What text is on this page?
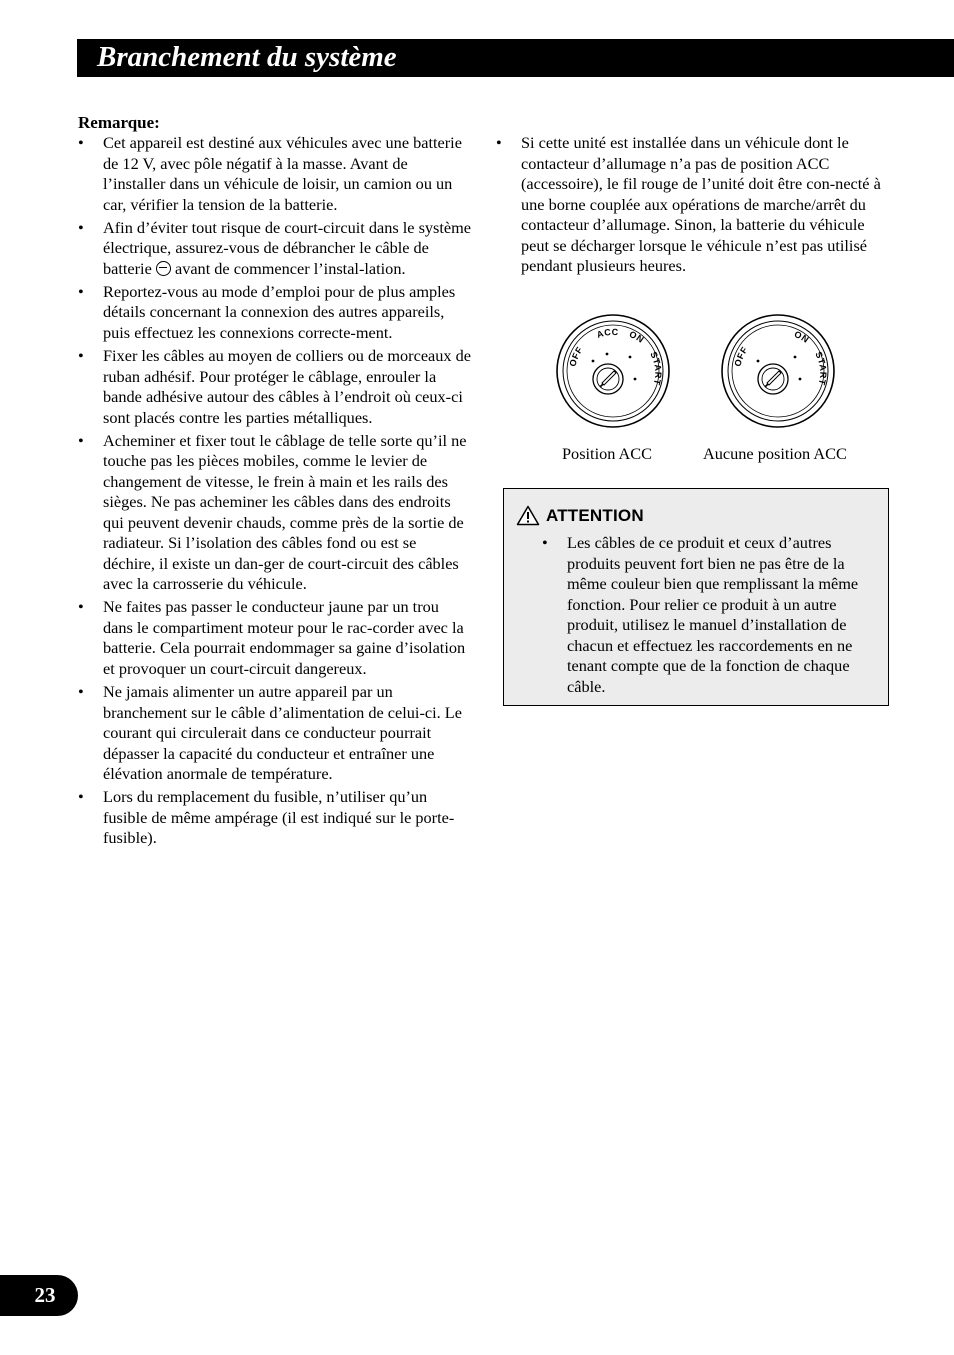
Branchement du système

Remarque:

• Cet appareil est destiné aux véhicules avec une batterie de 12 V, avec pôle négatif à la masse. Avant de l’installer dans un véhicule de loisir, un camion ou un car, vérifier la tension de la batterie.
• Afin d’éviter tout risque de court-circuit dans le système électrique, assurez-vous de débrancher le câble de batterie avant de commencer l’instal-lation.
• Reportez-vous au mode d’emploi pour de plus amples détails concernant la connexion des autres appareils, puis effectuez les connexions correcte-ment.
• Fixer les câbles au moyen de colliers ou de morceaux de ruban adhésif. Pour protéger le câblage, enrouler la bande adhésive autour des câbles à l’endroit où ceux-ci sont placés contre les parties métalliques.
• Acheminer et fixer tout le câblage de telle sorte qu’il ne touche pas les pièces mobiles, comme le levier de changement de vitesse, le frein à main et les rails des sièges. Ne pas acheminer les câbles dans des endroits qui peuvent devenir chauds, comme près de la sortie de radiateur. Si l’isolation des câbles fond ou est se déchire, il existe un dan-ger de court-circuit des câbles avec la carrosserie du véhicule.
• Ne faites pas passer le conducteur jaune par un trou dans le compartiment moteur pour le rac-corder avec la batterie. Cela pourrait endommager sa gaine d’isolation et provoquer un court-circuit dangereux.
• Ne jamais alimenter un autre appareil par un branchement sur le câble d’alimentation de celui-ci. Le courant qui circulerait dans ce conducteur pourrait dépasser la capacité du conducteur et entraîner une élévation anormale de température.
• Lors du remplacement du fusible, n’utiliser qu’un fusible de même ampérage (il est indiqué sur le porte-fusible).
• Si cette unité est installée dans un véhicule dont le contacteur d’allumage n’a pas de position ACC (accessoire), le fil rouge de l’unité doit être con-necté à une borne couplée aux opérations de marche/arrêt du contacteur d’allumage. Sinon, la batterie du véhicule peut se décharger lorsque le véhicule n’est pas utilisé pendant plusieurs heures.
OFF
ACC ON
START
OFF
ON
START
Position ACC	Aucune position ACC
ATTENTION
• Les câbles de ce produit et ceux d’autres produits peuvent fort bien ne pas être de la même couleur bien que remplissant la même fonction. Pour relier ce produit à un autre produit, utilisez le manuel d’installation de chacun et effectuez les raccordements en ne tenant compte que de la fonction de chaque câble.
23
